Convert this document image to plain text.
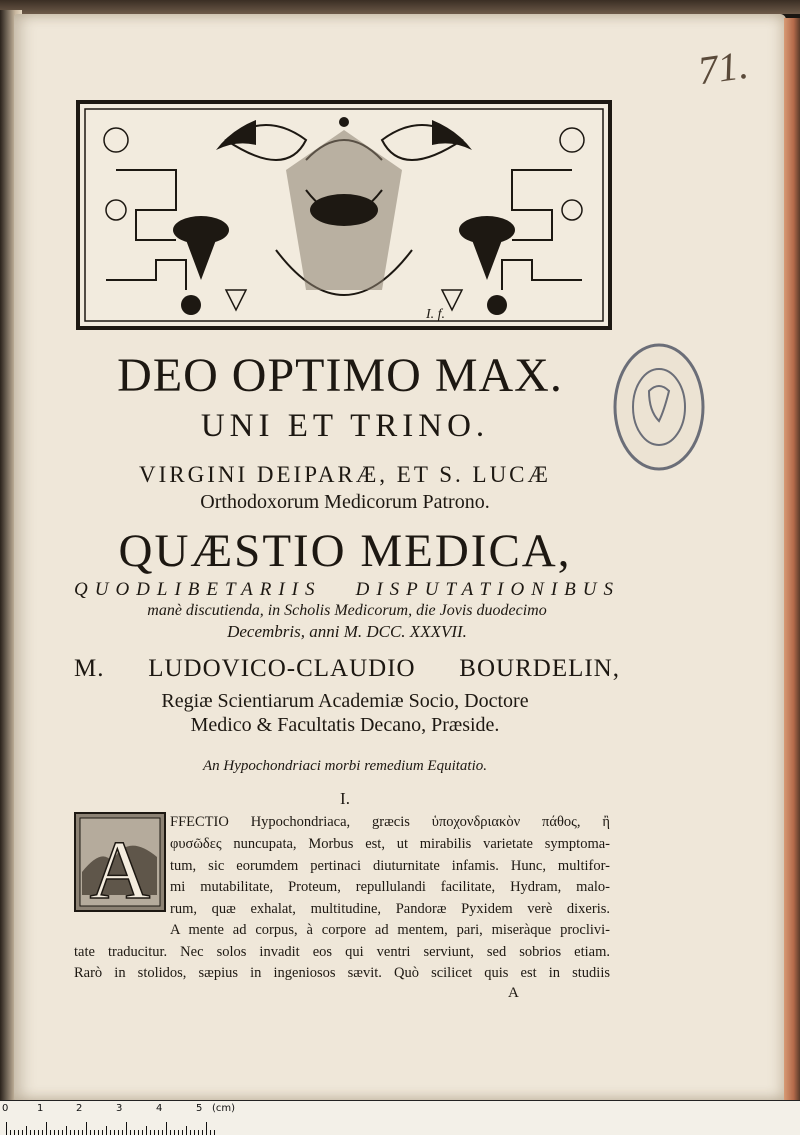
71.
I. f.
DEO OPTIMO MAX.
UNI ET TRINO.
VIRGINI DEIPARÆ, ET S. LUCÆ
Orthodoxorum Medicorum Patrono.
QUÆSTIO MEDICA,
QUODLIBETARIIS DISPUTATIONIBUS
manè discutienda, in Scholis Medicorum, die Jovis duodecimo
Decembris, anni M. DCC. XXXVII.
M. LUDOVICO-CLAUDIO BOURDELIN,
Regiæ Scientiarum Academiæ Socio, Doctore
Medico & Facultatis Decano, Præside.
An Hypochondriaci morbi remedium Equitatio.
I.
A
FFECTIO Hypochondriaca, græcis ὑποχονδριακὸν πάθος, ἢ
φυσῶδες nuncupata, Morbus est, ut mirabilis varietate symptoma-
tum, sic eorumdem pertinaci diuturnitate infamis. Hunc, multifor-
mi mutabilitate, Proteum, repullulandi facilitate, Hydram, malo-
rum, quæ exhalat, multitudine, Pandoræ Pyxidem verè dixeris.
A mente ad corpus, à corpore ad mentem, pari, miseràque proclivi-
tate traducitur. Nec solos invadit eos qui ventri serviunt, sed sobrios etiam.
Rarò in stolidos, sæpius in ingeniosos sævit. Quò scilicet quis est in studiis
A
0	1	2	3	4	5 (cm)
